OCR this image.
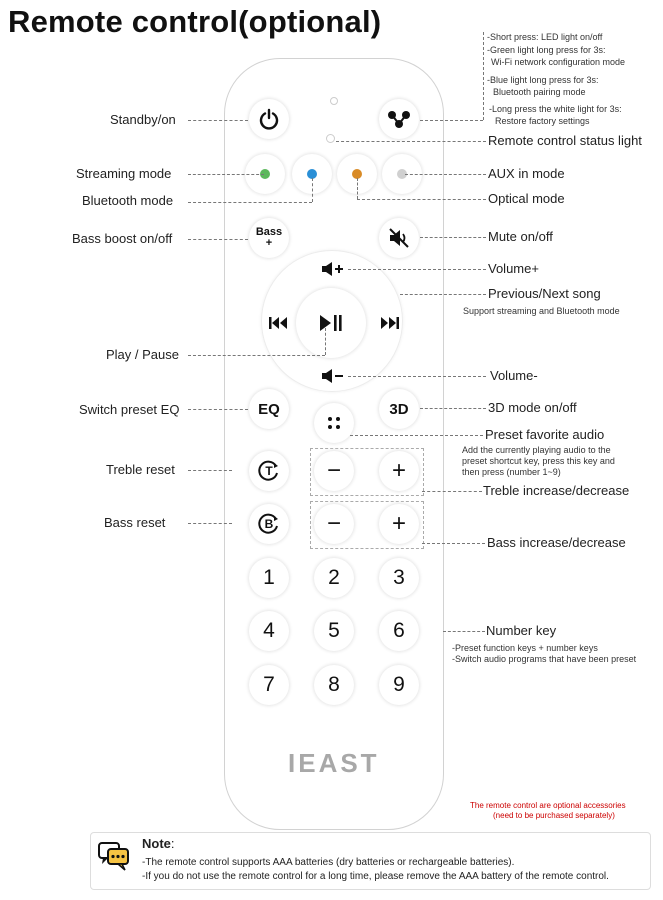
Remote control(optional)
Bass
+
EQ	3D
T	−	+
B	−	+
1	2	3
4	5	6
7	8	9
IEAST
Standby/on
Streaming mode
Bluetooth mode
Bass boost on/off
Play / Pause
Switch preset EQ
Treble reset
Bass reset
-Short press: LED light on/off
-Green light long press for 3s:
Wi-Fi network configuration mode
-Blue light long press for 3s:
Bluetooth pairing mode
-Long press the white light for 3s:
Restore factory settings
Remote control status light
AUX in mode
Optical mode
Mute on/off
Volume+
Previous/Next song
Support streaming and Bluetooth mode
Volume-
3D mode on/off
Preset favorite audio
Add the currently playing audio to the
preset shortcut key, press this key and
then press (number 1~9)
Treble increase/decrease
Bass increase/decrease
Number key
-Preset function keys + number keys
-Switch audio programs that have been preset
The remote control are optional accessories
(need to be purchased separately)
Note:
-The remote control supports AAA batteries (dry batteries or rechargeable batteries).
-If you do not use the remote control for a long time, please remove the AAA battery of the remote control.
